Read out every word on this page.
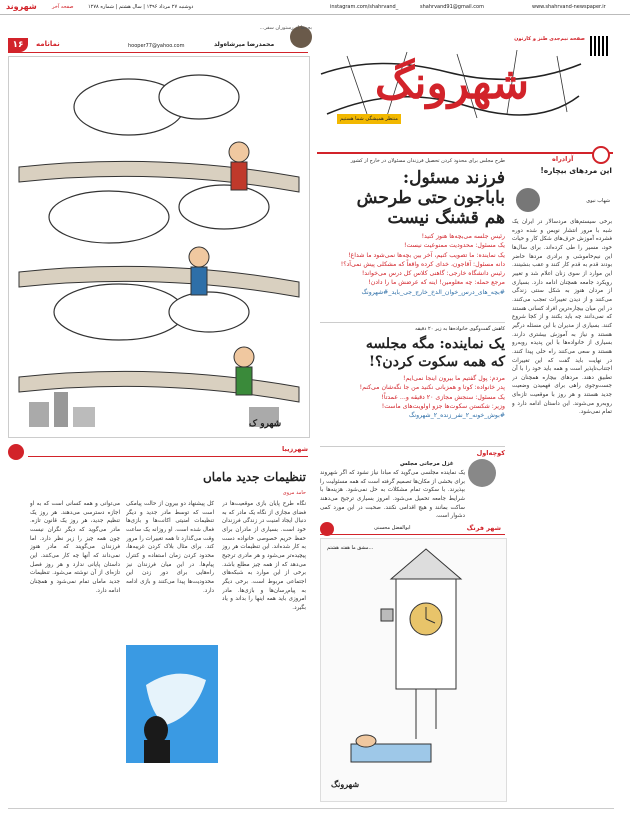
شهروند	صفحه آخر	دوشنبه ۲۷ مرداد ۱۳۹۶ | سال هشتم | شماره ۱۲۷۸	instagram.com/shahrvand_	shahrvand91@gmail.com	www.shahrvand-newspaper.ir
۱۶	نمانامه	hooper77@yahoo.com	محمدرضا میرشاه‌ولد
بچه‌ها از رستوران سفر...
شهرو ک
صفحه نیم‌جدی طنز و کارتون
شهرونگ
منتظر همیشگی شما هستیم
آزادراه
طرح مجلس برای محدود کردن تحصیل فرزندان مسئولان در خارج از کشور
فرزند مسئول:
باباجون حتی طرحش
هم قشنگ نیست
رئیس جلسه می‌بچه‌ها هنوز کنید!
یک مسئول: محدودیت ممنوعیت نیست!
یک نماینده: ما تصویب کنیم، آخر بین بچه‌ها نمی‌شود ما شداغ!
دانه مسئول: آقاجون، خدای کرده واقعاً که مشکلی پیش نمی‌آد؟!
رئیس دانشگاه خارجی: گاهنی کلاس کل درس می‌خواند!
مرجع حمله: چه معلومین! اینه که عرضش ما را دادن!
#بچه_های_درس_خوان_الدخ_خارج_جی_باید_#شهرونگ
کاهش گفت‌وگوی خانواده‌ها به زیر ۲۰ دقیقه
یک نماینده: مگه مجلسه
که همه سکوت کردن؟!
مردم: پول گفتیم ما بیرون اینجا نمی‌ایم!
پدر خانواده: کوتا و همزبانی نکنید من جا نگه‌شان می‌کنم!
یک مسئول: سنجش مجازی ۲۰ دقیقه و... عمدتاً!
وزیر: شکستن سکوت‌ها جزو اولویت‌های ماست!
#بوش_خونه_۲_نفر_زنده_۲_شهرونگ
این مردهای بیچاره!
شهاب نبوی
برخی سیستم‌های مردسالار در ایران یک شبه با مرور انتشار نویس و شده دوره فشرده آموزش حرف‌های شکل کار و حیات خود، مسیر را طی کرده‌اند. برای سال‌ها این نیم‌خاموشی و برادری مردها حاضر بودند قدم به قدم کار کنند و عقب بنشینند. این موارد از سوی زنان اعلام شد و تغییر رویکرد جامعه همچنان ادامه دارد. بسیاری از مردان هنوز به شکل سنتی زندگی می‌کنند و از دیدن تغییرات تعجب می‌کنند. در این میان بیچاره‌ترین افراد کسانی هستند که نمی‌دانند چه باید بکنند و از کجا شروع کنند. بسیاری از مدیران با این مسئله درگیر هستند و نیاز به آموزش بیشتری دارند. بسیاری از خانواده‌ها با این پدیده روبه‌رو هستند و سعی می‌کنند راه حلی پیدا کنند. در نهایت باید گفت که این تغییرات اجتناب‌ناپذیر است و همه باید خود را با آن تطبیق دهند. مردهای بیچاره همچنان در جست‌وجوی راهی برای فهمیدن وضعیت جدید هستند و هر روز با موقعیت تازه‌ای روبه‌رو می‌شوند. این داستان ادامه دارد و تمام نمی‌شود.
کوچه‌اول
غزل مرجانی مجلس
یک نماینده مجلسی می‌گوید که مبادا نیاز نشود که اگر شهروند برای بخشی از مکان‌ها تصمیم گرفته است که همه مسئولیت را بپذیرند. با سکوت تمام مشکلات به حل نمی‌شود. هزینه‌ها با شرایط جامعه تحمیل می‌شود. امروز بسیاری ترجیح می‌دهند ساکت بمانند و هیچ اقدامی نکنند. صحبت در این مورد کمی دشوار است.
شهر فرنگ
ابوالفضل محسنی
مشق ما هفته هشتم...
شهرونگ
شهرزیبا
تنظیمات جدید ماماں
حامد مروی
نگاه طرح پایان بازی موقعیت‌ها در فضای مجازی از نگاه یک مادر که به دنبال ایجاد امنیت در زندگی فرزندان خود است. بسیاری از مادران برای حفظ حریم خصوصی خانواده دست به کار شده‌اند. این تنظیمات هر روز پیچیده‌تر می‌شود و هر مادری ترجیح می‌دهد که از همه چیز مطلع باشد. برخی از این موارد به شبکه‌های اجتماعی مربوط است. برخی دیگر به پیام‌رسان‌ها و بازی‌ها. مادر امروزی باید همه اینها را بداند و یاد بگیرد.
کل پیشنهاد دو بیرون از حالت پیامکی است که توسط مادر جدید و دیگر تنظیمات امنیتی اکانت‌ها و بازی‌ها فعال شده است. او روزانه یک ساعت وقت می‌گذارد تا همه تغییرات را مرور کند. برای مثال بلاک کردن غریبه‌ها، محدود کردن زمان استفاده و کنترل پیام‌ها. در این میان فرزندان نیز راه‌هایی برای دور زدن این محدودیت‌ها پیدا می‌کنند و بازی ادامه دارد.
می‌توانی و همه کسانی است که به او اجازه دسترسی می‌دهند. هر روز یک تنظیم جدید، هر روز یک قانون تازه. مادر می‌گوید که دیگر نگران نیست چون همه چیز را زیر نظر دارد. اما فرزندان می‌گویند که مادر هنوز نمی‌داند که آنها چه کار می‌کنند. این داستان پایانی ندارد و هر روز فصل تازه‌ای از آن نوشته می‌شود. تنظیمات جدید ماماں تمام نمی‌شود و همچنان ادامه دارد.
